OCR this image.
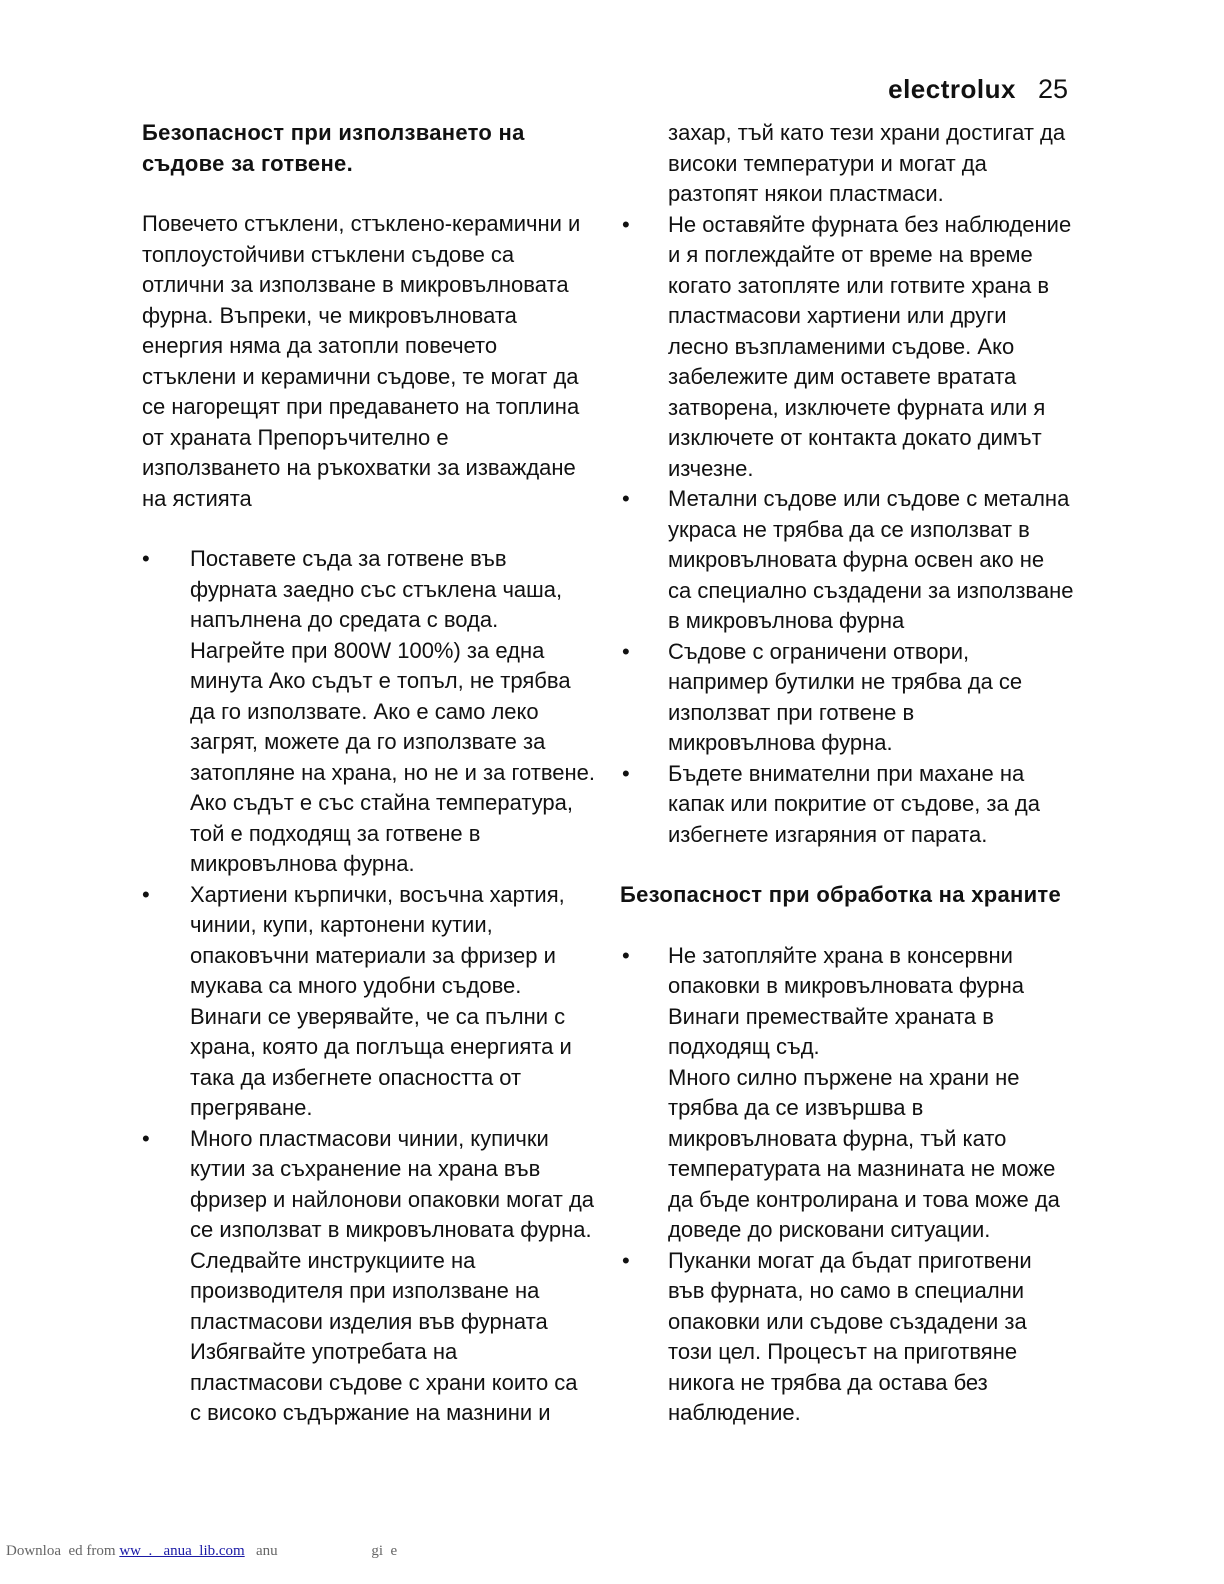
electrolux 25
Безопасност при използването на
съдове за готвене.
Повечето стъклени, стъклено-керамични и
топлоустойчиви стъклени съдове са
отлични за използване в микровълновата
фурна. Въпреки, че микровълновата
енергия няма да затопли повечето
стъклени и керамични съдове, те могат да
се нагорещят при предаването на топлина
от храната Препоръчително е
използването на ръкохватки за изваждане
на ястията
• Поставете съда за готвене във
фурната заедно със стъклена чаша,
напълнена до средата с вода.
Нагрейте при 800W 100%) за една
минута Ако съдът е топъл, не трябва
да го използвате. Ако е само леко
загрят, можете да го използвате за
затопляне на храна, но не и за готвене.
Ако съдът е със стайна температура,
той е подходящ за готвене в
микровълнова фурна.
• Хартиени кърпички, восъчна хартия,
чинии, купи, картонени кутии,
опаковъчни материали за фризер и
мукава са много удобни съдове.
Винаги се уверявайте, че са пълни с
храна, която да поглъща енергията и
така да избегнете опасността от
прегряване.
• Много пластмасови чинии, купички
кутии за съхранение на храна във
фризер и найлонови опаковки могат да
се използват в микровълновата фурна.
Следвайте инструкциите на
производителя при използване на
пластмасови изделия във фурната
Избягвайте употребата на
пластмасови съдове с храни които са
с високо съдържание на мазнини и
захар, тъй като тези храни достигат да
високи температури и могат да
разтопят някои пластмаси.
• Не оставяйте фурната без наблюдение
и я поглеждайте от време на време
когато затопляте или готвите храна в
пластмасови хартиени или други
лесно възпламеними съдове. Ако
забележите дим оставете вратата
затворена, изключете фурната или я
изключете от контакта докато димът
изчезне.
• Метални съдове или съдове с метална
украса не трябва да се използват в
микровълновата фурна освен ако не
са специално създадени за използване
в микровълнова фурна
• Съдове с ограничени отвори,
например бутилки не трябва да се
използват при готвене в
микровълнова фурна.
• Бъдете внимателни при махане на
капак или покритие от съдове, за да
избегнете изгаряния от парата.
Безопасност при обработка на храните
• Не затопляйте храна в консервни
опаковки в микровълновата фурна
Винаги премествайте храната в
подходящ съд.
Много силно пържене на храни не
трябва да се извършва в
микровълновата фурна, тъй като
температурата на мазнината не може
да бъде контролирана и това може да
доведе до рисковани ситуации.
• Пуканки могат да бъдат приготвени
във фурната, но само в специални
опаковки или съдове създадени за
този цел. Процесът на приготвяне
никога не трябва да остава без
наблюдение.
Downloa  ed from ww  .   anua  lib.com   anu                         gi  e
